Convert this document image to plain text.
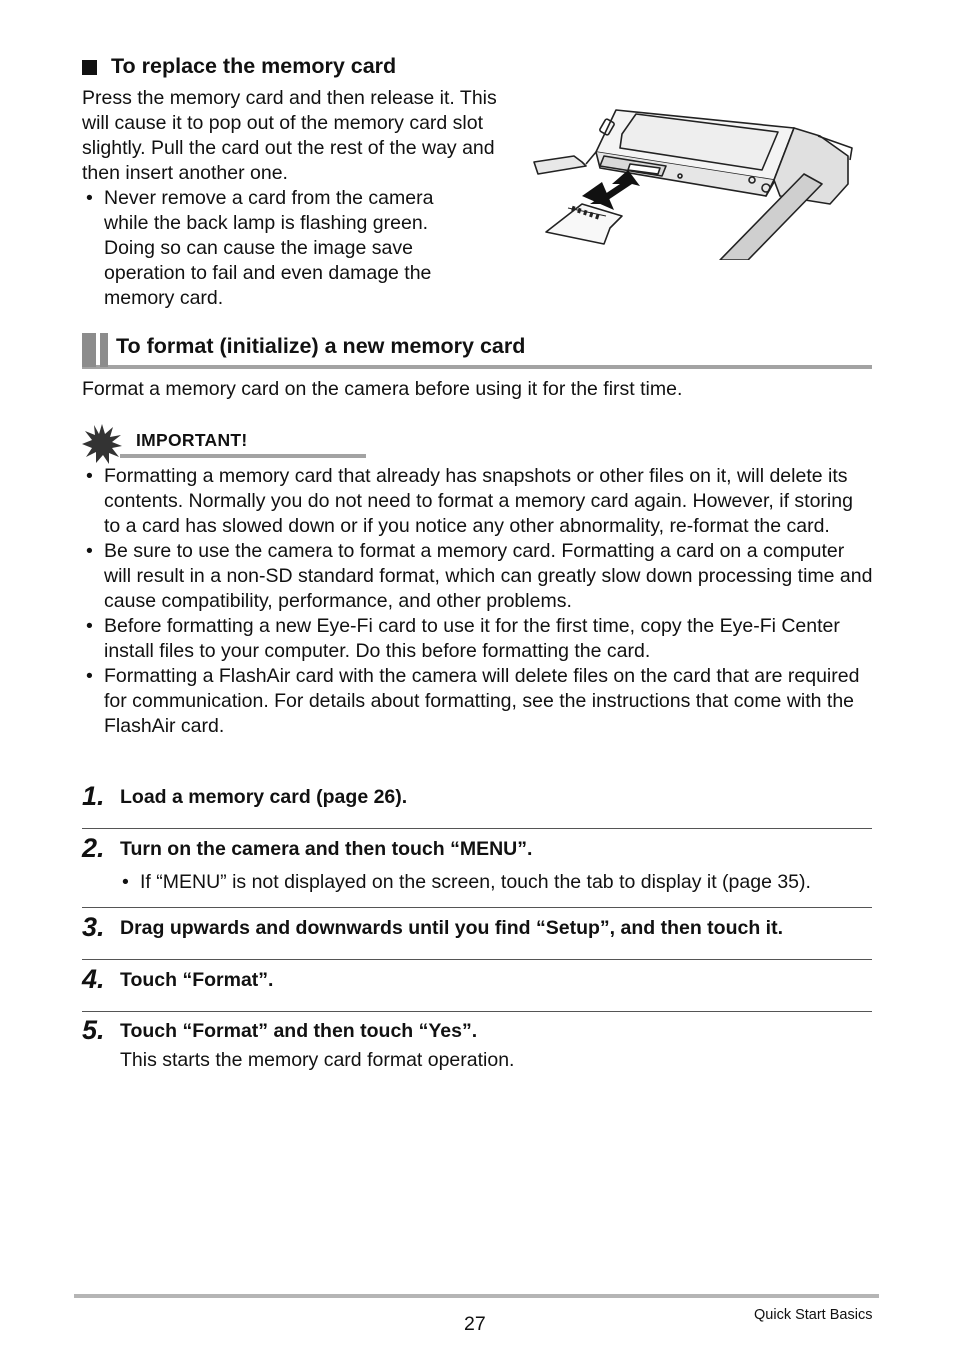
To replace the memory card
Press the memory card and then release it. This will cause it to pop out of the memory card slot slightly. Pull the card out the rest of the way and then insert another one.
• Never remove a card from the camera while the back lamp is flashing green. Doing so can cause the image save operation to fail and even damage the memory card.
To format (initialize) a new memory card
Format a memory card on the camera before using it for the first time.
IMPORTANT!
• Formatting a memory card that already has snapshots or other files on it, will delete its contents. Normally you do not need to format a memory card again. However, if storing to a card has slowed down or if you notice any other abnormality, re-format the card.
• Be sure to use the camera to format a memory card. Formatting a card on a computer will result in a non-SD standard format, which can greatly slow down processing time and cause compatibility, performance, and other problems.
• Before formatting a new Eye-Fi card to use it for the first time, copy the Eye-Fi Center install files to your computer. Do this before formatting the card.
• Formatting a FlashAir card with the camera will delete files on the card that are required for communication. For details about formatting, see the instructions that come with the FlashAir card.
1. Load a memory card (page 26).
2. Turn on the camera and then touch “MENU”.
• If “MENU” is not displayed on the screen, touch the tab to display it (page 35).
3. Drag upwards and downwards until you find “Setup”, and then touch it.
4. Touch “Format”.
5. Touch “Format” and then touch “Yes”.
This starts the memory card format operation.
27	Quick Start Basics
